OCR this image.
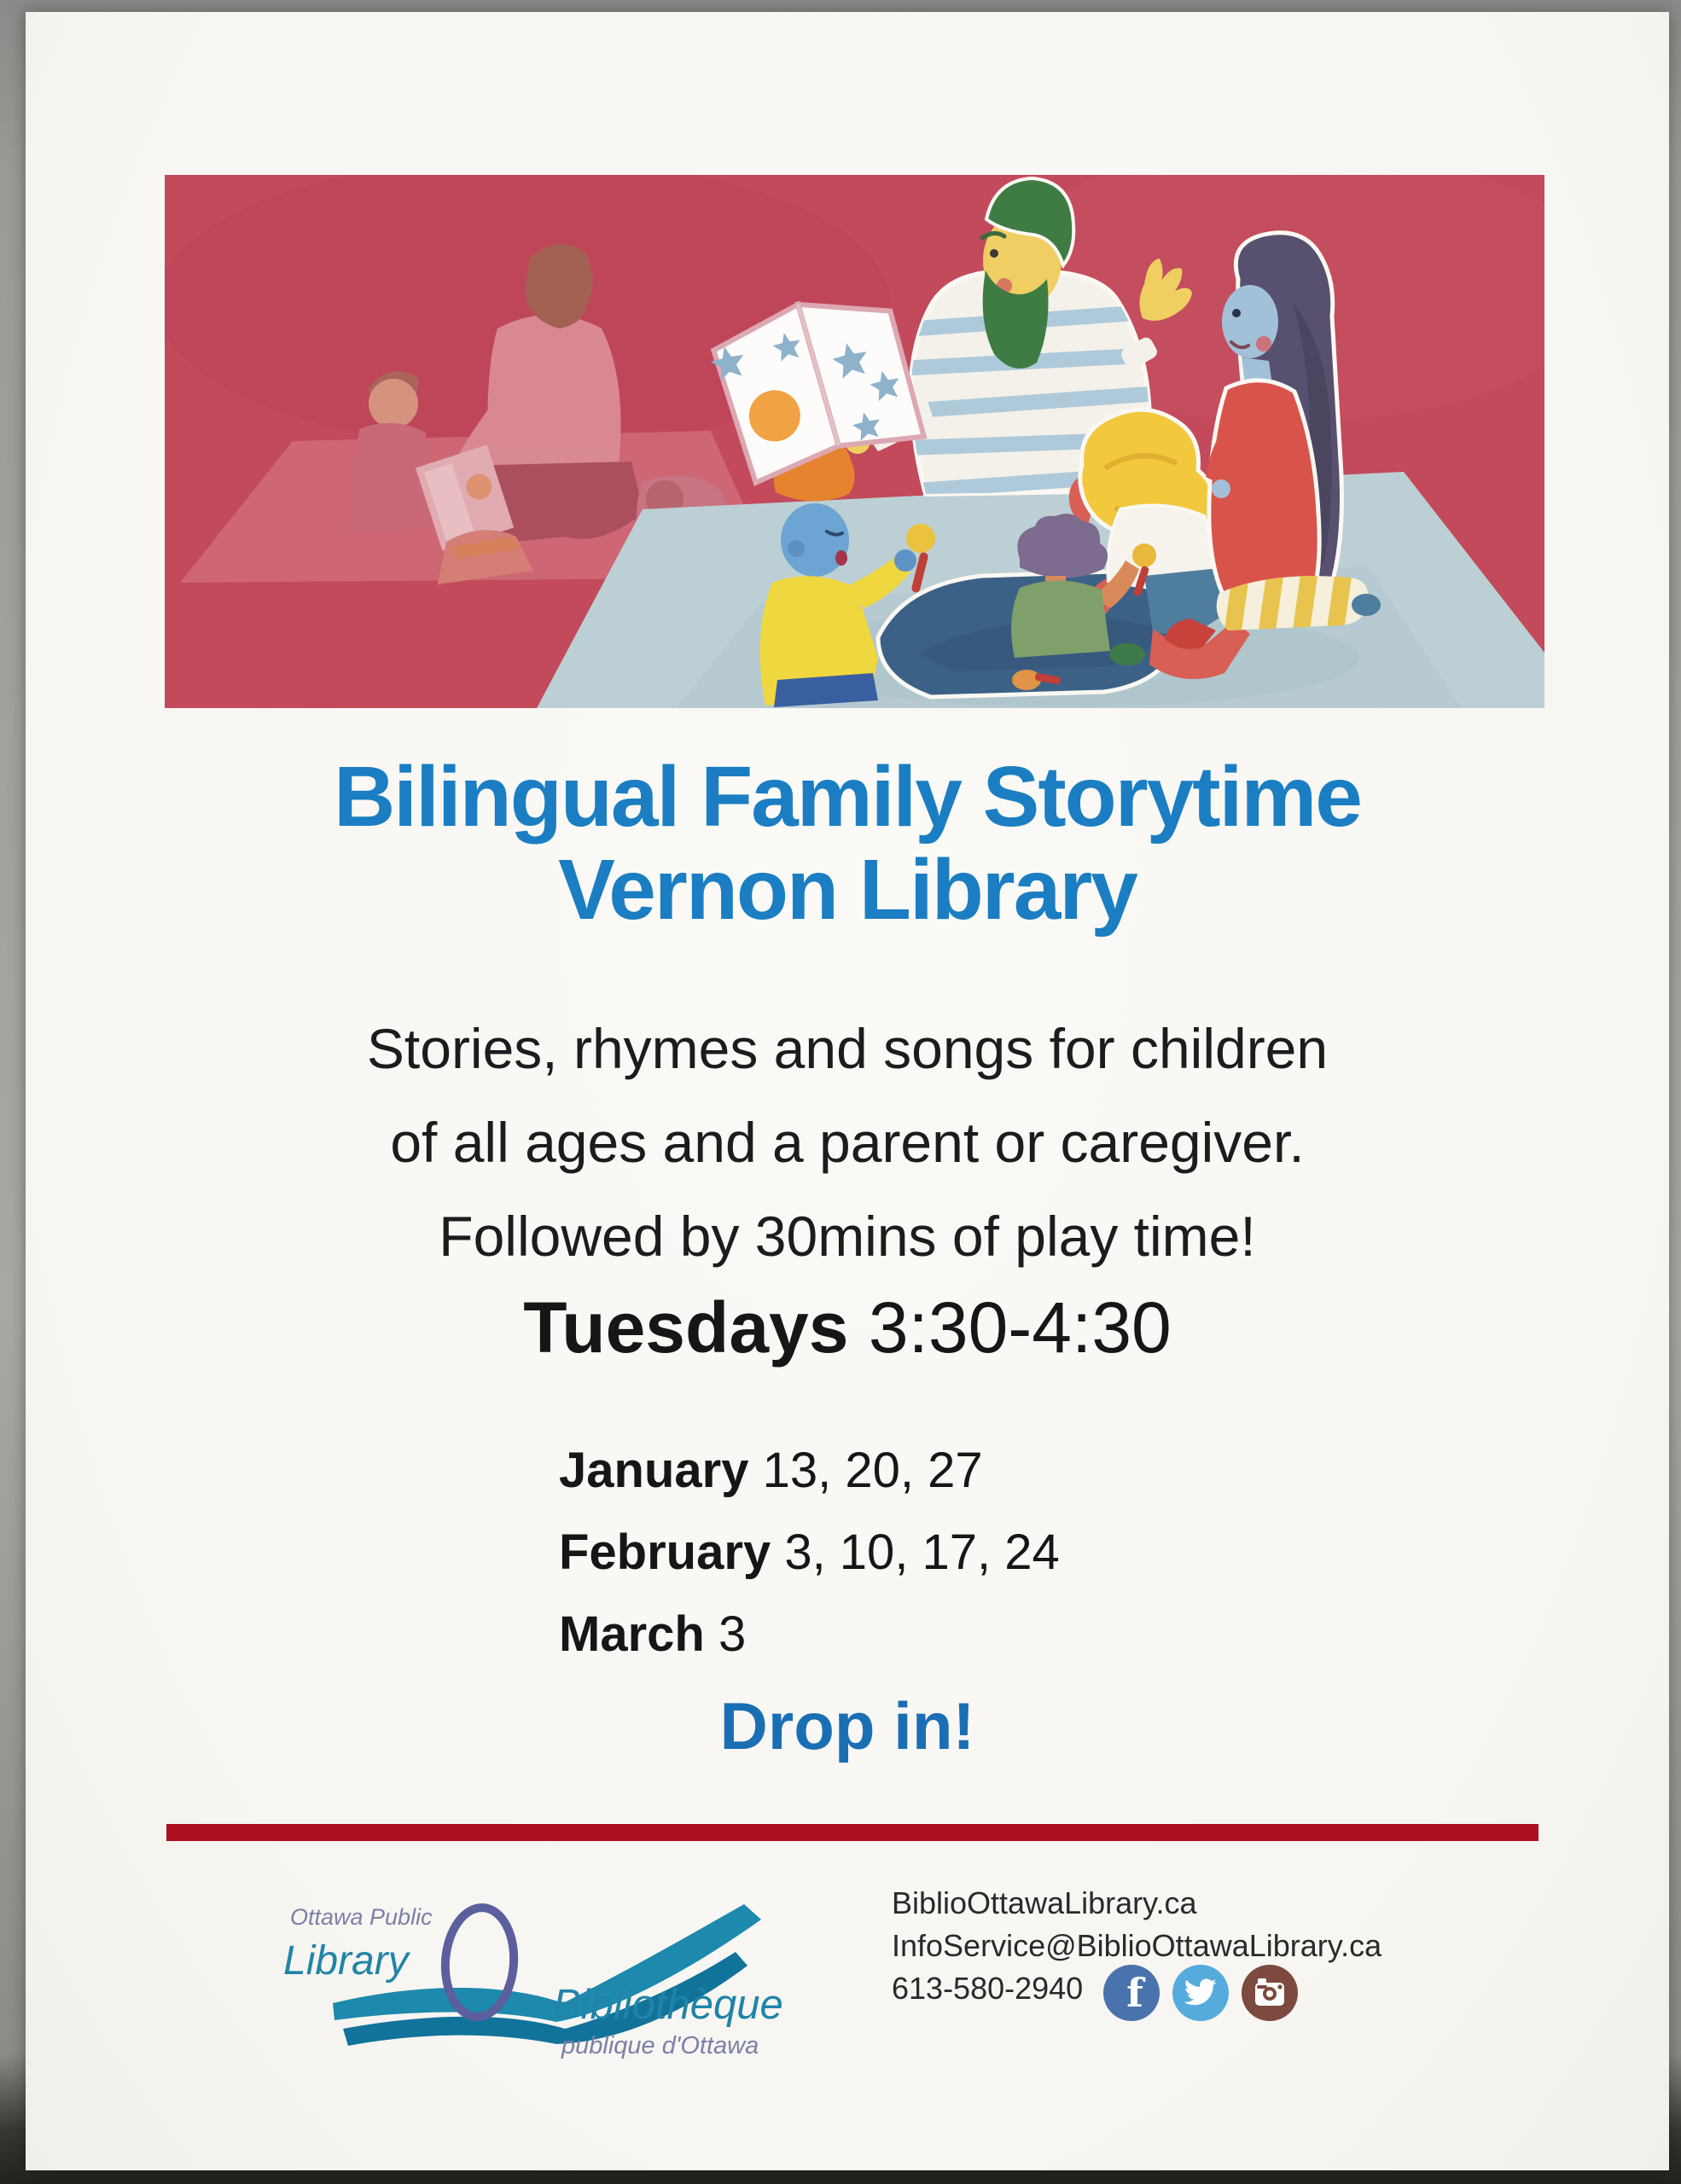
Bilingual Family Storytime
Vernon Library
Stories, rhymes and songs for children
of all ages and a parent or caregiver.
Followed by 30mins of play time!
Tuesdays 3:30-4:30
January 13, 20, 27
February 3, 10, 17, 24
March 3
Drop in!
Ottawa Public
Library
Bibliothèque
publique d'Ottawa
BiblioOttawaLibrary.ca
InfoService@BiblioOttawaLibrary.ca
613-580-2940	f
